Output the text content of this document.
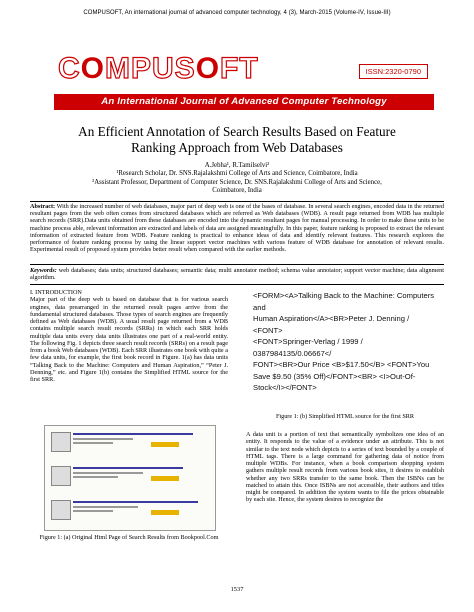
COMPUSOFT, An international journal of advanced computer technology, 4 (3), March-2015 (Volume-IV, Issue-III)
COMPUSOFT	ISSN:2320-0790
An International Journal of Advanced Computer Technology
An Efficient Annotation of Search Results Based on Feature
Ranking Approach from Web Databases
A.Jebha¹, R.Tamilselvi²
¹Research Scholar, Dr. SNS.Rajalakshmi College of Arts and Science, Coimbatore, India
²Assistant Professor, Department of Computer Science, Dr. SNS.Rajalakshmi College of Arts and Science,
Coimbatore, India
Abstract: With the increased number of web databases, major part of deep web is one of the bases of database. In several search engines, encoded data in the returned resultant pages from the web often comes from structured databases which are referred as Web databases (WDB). A result page returned from WDB has multiple search records (SRR).Data units obtained from these databases are encoded into the dynamic resultant pages for manual processing. In order to make these units to be machine process able, relevant information are extracted and labels of data are assigned meaningfully. In this paper, feature ranking is proposed to extract the relevant information of extracted feature from WDB. Feature ranking is practical to enhance ideas of data and identify relevant features. This research explores the performance of feature ranking process by using the linear support vector machines with various feature of WDB database for annotation of relevant results. Experimental result of proposed system provides better result when compared with the earlier methods.
Keywords: web databases; data units; structured databases; semantic data; multi annotator method; schema value annotator; support vector machine; data alignment algorithm.
I. INTRODUCTION
Major part of the deep web is based on database that is for various search engines, data prearranged in the returned result pages arrive from the fundamental structured databases. Those types of search engines are frequently defined as Web databases (WDB). A usual result page returned from a WDB contains multiple search result records (SRRs) in which each SRR holds multiple data units every data units illustrates one part of a real-world entity. The following Fig. 1 depicts three search result records (SRRs) on a result page from a book Web databases (WDB). Each SRR illustrates one book with quite a few data units, for example, the first book record in Figure. 1(a) has data units “Talking Back to the Machine: Computers and Human Aspiration,” “Peter J. Denning,” etc. and Figure 1(b) contains the Simplified HTML source for the first SRR.
Figure 1: (a) Original Html Page of Search Results from Bookpool.Com
<FORM><A>Talking Back to the Machine: Computers and
Human Aspiration</A><BR>Peter J. Denning / <FONT>
<FONT>Springer-Verlag / 1999 / 0387984135/0.06667</
FONT><BR>Our Price <B>$17.50</B> <FONT>You
Save $9.50 (35% Off)</FONT><BR> <I>Out-Of-
Stock</I></FONT>
Figure 1: (b) Simplified HTML source for the first SRR
A data unit is a portion of text that semantically symbolizes one idea of an entity. It responds to the value of a evidence under an attribute. This is not similar to the text node which depicts to a series of text bounded by a couple of HTML tags. There is a large command for gathering data of notice from multiple WDBs. For instance, when a book comparison shopping system gathers multiple result records from various book sites, it desires to establish whether any two SRRs transfer to the same book. Then the ISBNs can be matched to attain this. Once ISBNs are not accessible, their authors and titles might be compared. In addition the system wants to file the prices obtainable by each site. Hence, the system desires to recognize the
1537
